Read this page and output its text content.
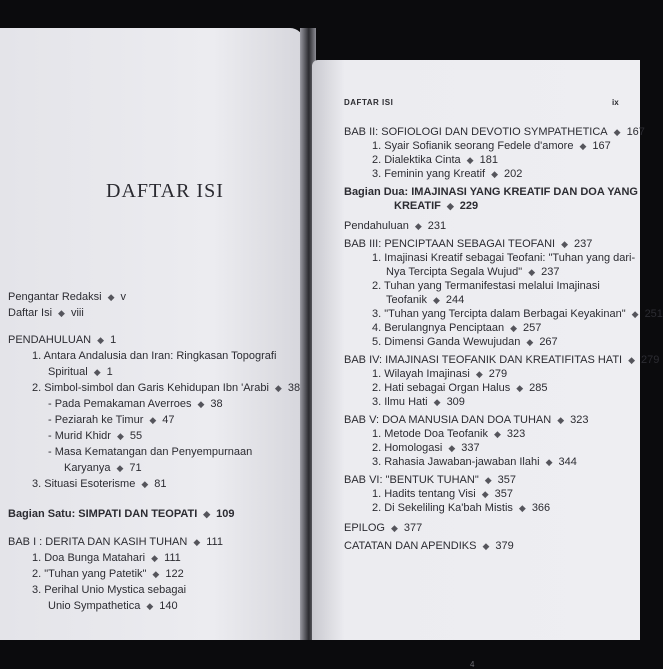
DAFTAR ISI
Pengantar Redaksi ◆ v
Daftar Isi ◆ viii
PENDAHULUAN ◆ 1
1. Antara Andalusia dan Iran: Ringkasan Topografi
Spiritual ◆ 1
2. Simbol-simbol dan Garis Kehidupan Ibn 'Arabi ◆ 38
- Pada Pemakaman Averroes ◆ 38
- Peziarah ke Timur ◆ 47
- Murid Khidr ◆ 55
- Masa Kematangan dan Penyempurnaan
Karyanya ◆ 71
3. Situasi Esoterisme ◆ 81
Bagian Satu: SIMPATI DAN TEOPATI ◆ 109
BAB I : DERITA DAN KASIH TUHAN ◆ 111
1. Doa Bunga Matahari ◆ 111
2. "Tuhan yang Patetik" ◆ 122
3. Perihal Unio Mystica sebagai
Unio Sympathetica ◆ 140
DAFTAR ISI	ix
BAB II: SOFIOLOGI DAN DEVOTIO SYMPATHETICA ◆ 167
1. Syair Sofianik seorang Fedele d'amore ◆ 167
2. Dialektika Cinta ◆ 181
3. Feminin yang Kreatif ◆ 202
Bagian Dua: IMAJINASI YANG KREATIF DAN DOA YANG
KREATIF ◆ 229
Pendahuluan ◆ 231
BAB III: PENCIPTAAN SEBAGAI TEOFANI ◆ 237
1. Imajinasi Kreatif sebagai Teofani: "Tuhan yang dari-
Nya Tercipta Segala Wujud" ◆ 237
2. Tuhan yang Termanifestasi melalui Imajinasi
Teofanik ◆ 244
3. "Tuhan yang Tercipta dalam Berbagai Keyakinan" ◆ 251
4. Berulangnya Penciptaan ◆ 257
5. Dimensi Ganda Wewujudan ◆ 267
BAB IV: IMAJINASI TEOFANIK DAN KREATIFITAS HATI ◆ 279
1. Wilayah Imajinasi ◆ 279
2. Hati sebagai Organ Halus ◆ 285
3. Ilmu Hati ◆ 309
BAB V: DOA MANUSIA DAN DOA TUHAN ◆ 323
1. Metode Doa Teofanik ◆ 323
2. Homologasi ◆ 337
3. Rahasia Jawaban-jawaban Ilahi ◆ 344
BAB VI: "BENTUK TUHAN" ◆ 357
1. Hadits tentang Visi ◆ 357
2. Di Sekeliling Ka'bah Mistis ◆ 366
EPILOG ◆ 377
CATATAN DAN APENDIKS ◆ 379
4
